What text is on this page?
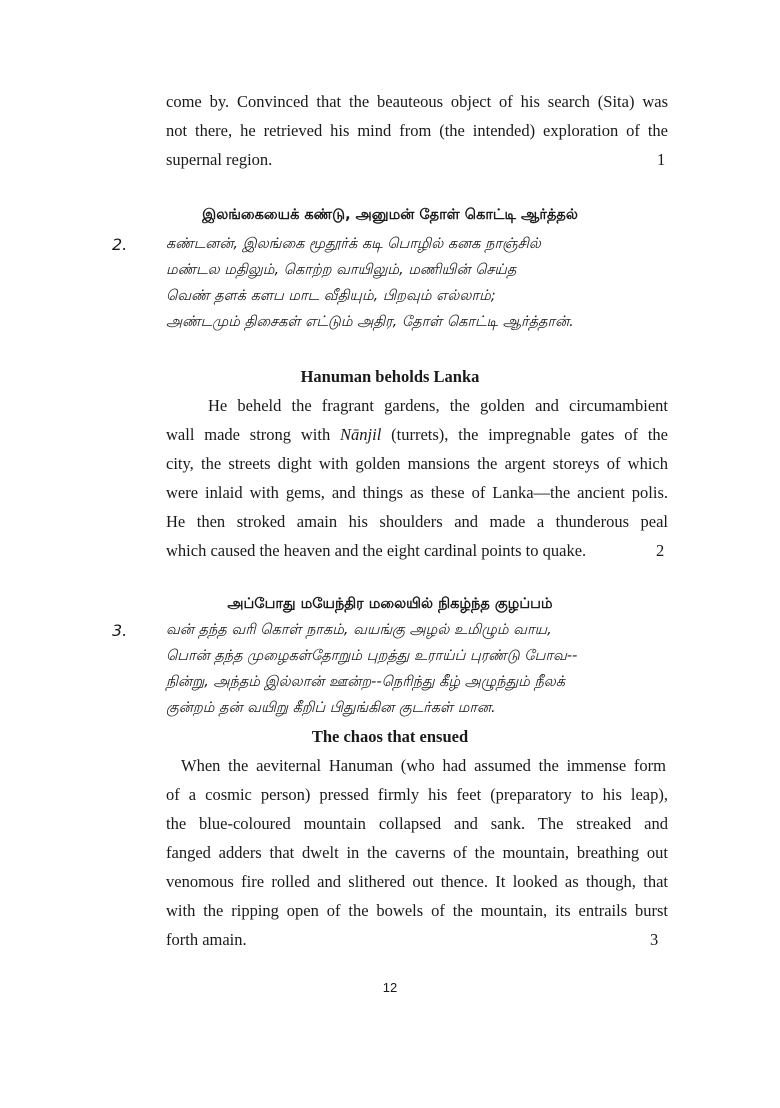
come by. Convinced that the beauteous object of his search (Sita) was
not there, he retrieved his mind from (the intended) exploration of the
supernal region.	1
இலங்கையைக் கண்டு, அனுமன் தோள் கொட்டி ஆர்த்தல்
2.	கண்டனன், இலங்கை மூதூர்க் கடி பொழில் கனக நாஞ்சில்
மண்டல மதிலும், கொற்ற வாயிலும், மணியின் செய்த
வெண் தளக் களப மாட வீதியும், பிறவும் எல்லாம்;
அண்டமும் திசைகள் எட்டும் அதிர, தோள் கொட்டி ஆர்த்தான்.
Hanuman beholds Lanka
He beheld the fragrant gardens, the golden and circumambient
wall made strong with Nānjil (turrets), the impregnable gates of the
city, the streets dight with golden mansions the argent storeys of which
were inlaid with gems, and things as these of Lanka—the ancient polis.
He then stroked amain his shoulders and made a thunderous peal
which caused the heaven and the eight cardinal points to quake.	2
அப்போது மயேந்திர மலையில் நிகழ்ந்த குழப்பம்
3.	வன் தந்த வரி கொள் நாகம், வயங்கு அழல் உமிழும் வாய,
பொன் தந்த முழைகள்தோறும் புறத்து உராய்ப் புரண்டு போவ--
நின்று, அந்தம் இல்லான் ஊன்ற--நெரிந்து கீழ் அழுந்தும் நீலக்
குன்றம் தன் வயிறு கீறிப் பிதுங்கின குடர்கள் மான.
The chaos that ensued
When the aeviternal Hanuman (who had assumed the immense form
of a cosmic person) pressed firmly his feet (preparatory to his leap),
the blue-coloured mountain collapsed and sank. The streaked and
fanged adders that dwelt in the caverns of the mountain, breathing out
venomous fire rolled and slithered out thence. It looked as though, that
with the ripping open of the bowels of the mountain, its entrails burst
forth amain.	3
12
